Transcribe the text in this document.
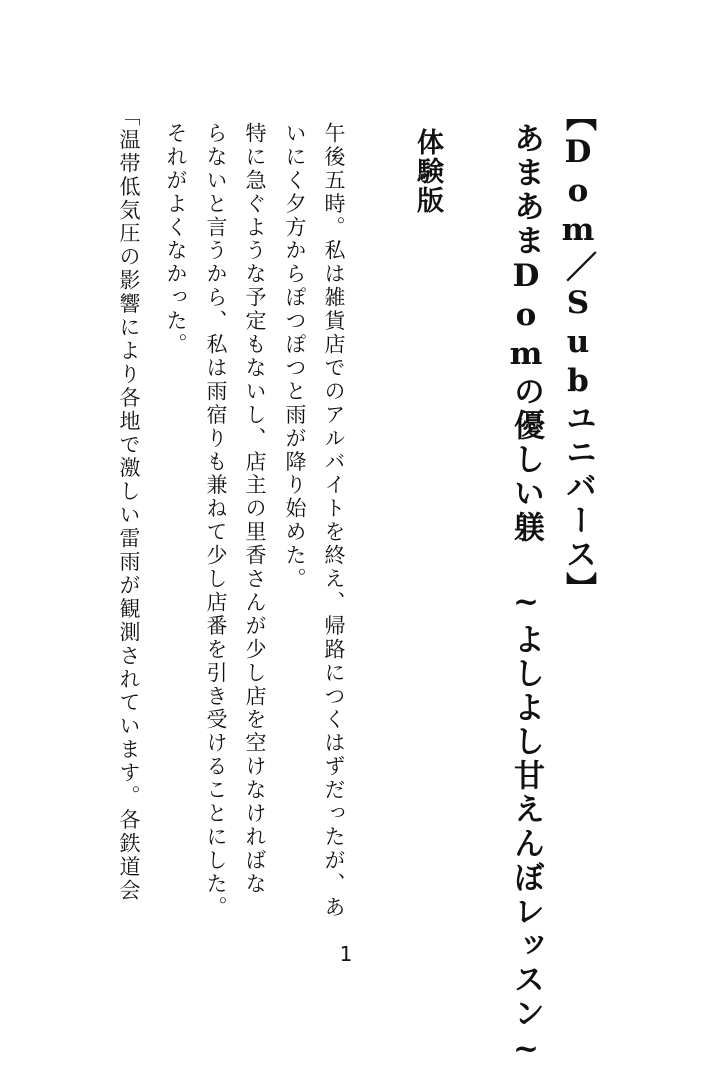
【Dom／Subユニバース】
あまあまDomの優しい躾 ~よしよし甘えんぼレッスン~
体験版

午後五時。私は雑貨店でのアルバイトを終え、帰路につくはずだったが、あ

いにく夕方からぽつぽつと雨が降り始めた。

特に急ぐような予定もないし、店主の里香さんが少し店を空けなければな

らないと言うから、私は雨宿りも兼ねて少し店番を引き受けることにした。

それがよくなかった。

「温帯低気圧の影響により各地で激しい雷雨が観測されています。各鉄道会

1
